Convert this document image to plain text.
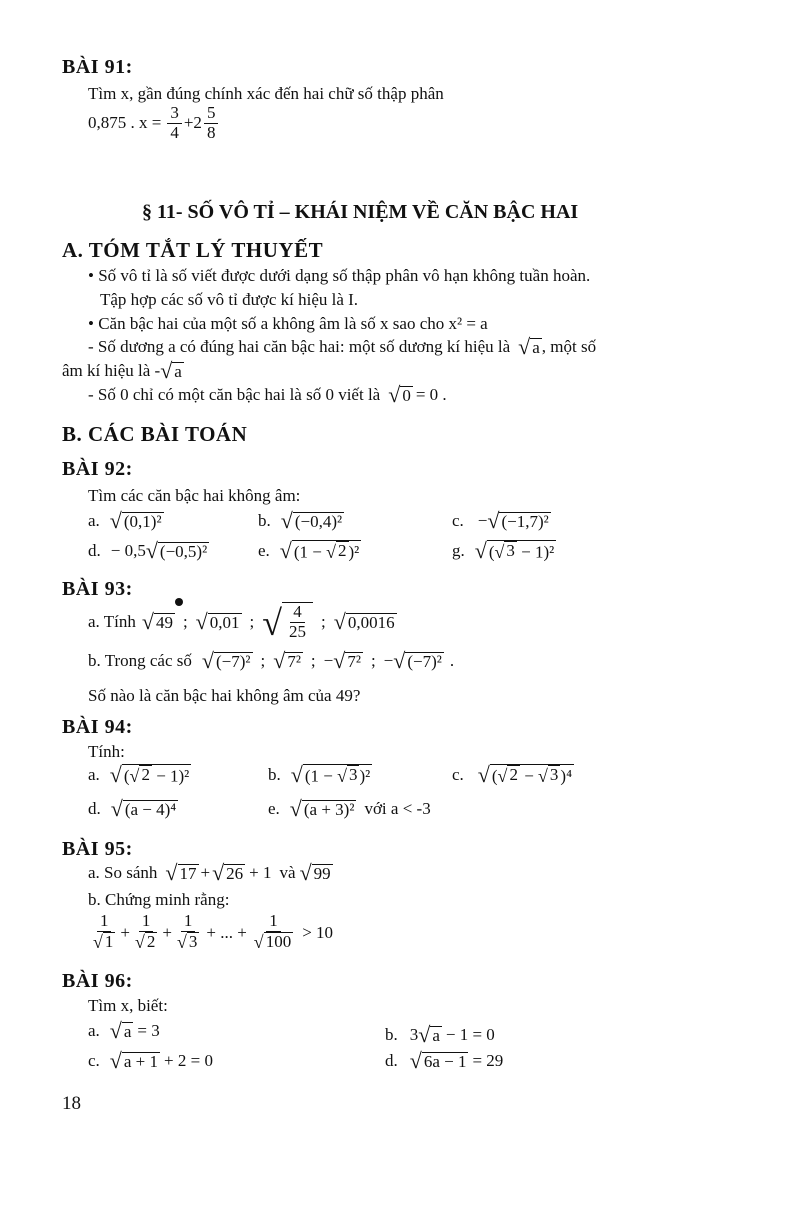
BÀI 91:
Tìm x, gần đúng chính xác đến hai chữ số thập phân
0,875 . $x = \frac{3}{4} +2 \frac{5}{8}$
§ 11- SỐ VÔ TỈ – KHÁI NIỆM VỀ CĂN BẬC HAI
A. TÓM TẮT LÝ THUYẾT
• Số vô tỉ là số viết được dưới dạng số thập phân vô hạn không tuần hoàn.
Tập hợp các số vô tỉ được kí hiệu là I.
• Căn bậc hai của một số a không âm là số x sao cho x² = a
- Số dương a có đúng hai căn bậc hai: một số dương kí hiệu là √ a , một số
âm kí hiệu là - √ a
- Số 0 chỉ có một căn bậc hai là số 0 viết là √ 0 = 0 .
B. CÁC BÀI TOÁN
BÀI 92:
Tìm các căn bậc hai không âm:
a. √ (0,1)²	b. √ (−0,4)²	c. − √ (−1,7)²
d. − 0,5 √ (−0,5)²	e. √ (1 − √ 2 )²	g. √ ( √ 3 − 1)²
BÀI 93:
a. Tính √ 49 ; √ 0,01 ; √ $\frac{4}{25}$ ; √ 0,0016
b. Trong các số √ (−7)² ; √ 7² ; − √ 7² ; − √ (−7)² .
Số nào là căn bậc hai không âm của 49?
BÀI 94:
Tính:
a. √ ( √ 2 − 1)²	b. √ (1 − √ 3 )²	c. √ ( √ 2 − √ 3 )⁴
d. √ (a − 4)⁴	e. √ (a + 3)² với a < -3
BÀI 95:
a. So sánh √ 17 + √ 26 + 1 và √ 99
b. Chứng minh rằng:
$\frac{1}{√ 1} + \frac{1}{√ 2} + \frac{1}{√ 3}$ + ... + $\frac{1}{√ 100} > 10$
BÀI 96:
Tìm x, biết:
a. √ a = 3	b. 3 √ a − 1 = 0
c. √ a + 1 + 2 = 0	d. √ 6a − 1 = 29
18
